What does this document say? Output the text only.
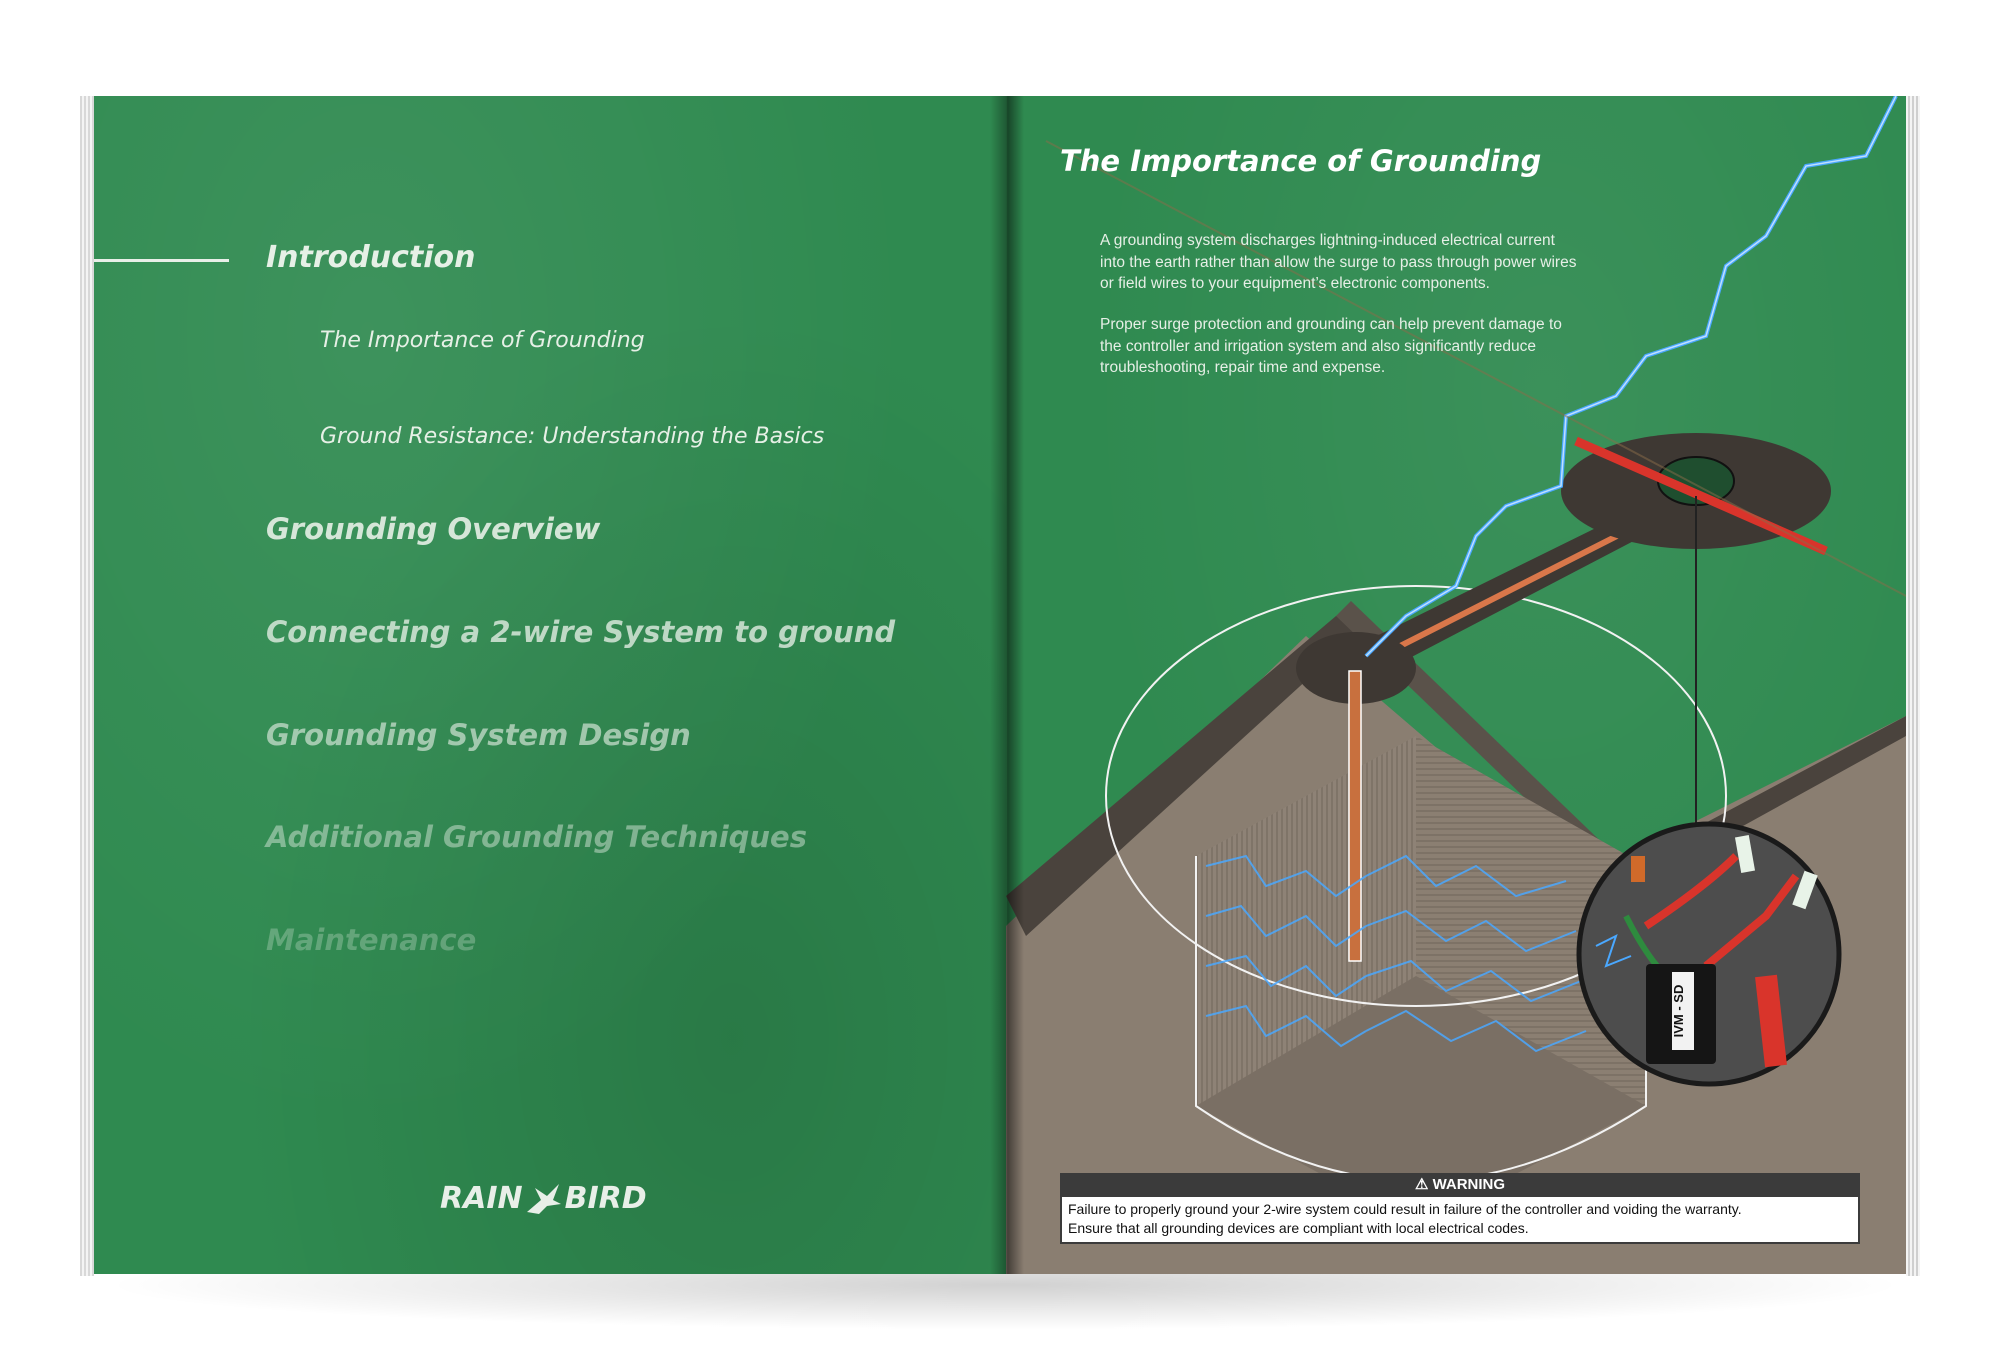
Introduction
The Importance of Grounding
Ground Resistance: Understanding the Basics
Grounding Overview
Connecting a 2-wire System to ground
Grounding System Design
Additional Grounding Techniques
Maintenance
RAIN BIRD
IVM - SD
The Importance of Grounding
A grounding system discharges lightning-induced electrical current into the earth rather than allow the surge to pass through power wires or field wires to your equipment’s electronic components.
Proper surge protection and grounding can help prevent damage to the controller and irrigation system and also significantly reduce troubleshooting, repair time and expense.
⚠ WARNING
Failure to properly ground your 2-wire system could result in failure of the controller and voiding the warranty.
Ensure that all grounding devices are compliant with local electrical codes.
